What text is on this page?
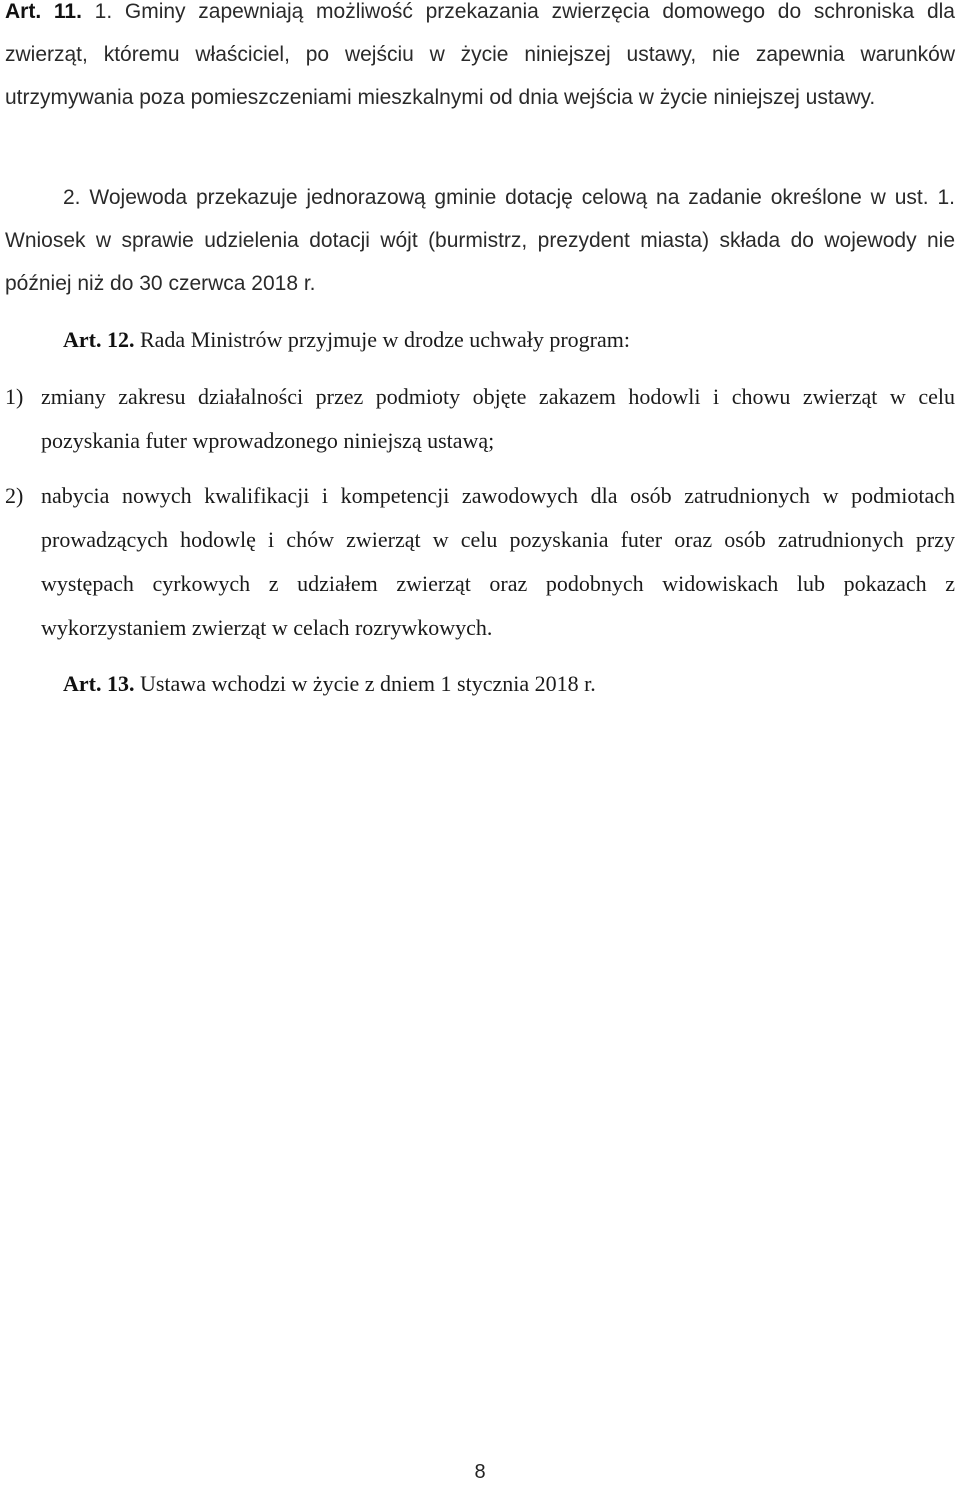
Art. 11. 1. Gminy zapewniają możliwość przekazania zwierzęcia domowego do schroniska dla zwierząt, któremu właściciel, po wejściu w życie niniejszej ustawy, nie zapewnia warunków utrzymywania poza pomieszczeniami mieszkalnymi od dnia wejścia w życie niniejszej ustawy.

2. Wojewoda przekazuje jednorazową gminie dotację celową na zadanie określone w ust. 1. Wniosek w sprawie udzielenia dotacji wójt (burmistrz, prezydent miasta) składa do wojewody nie później niż do 30 czerwca 2018 r.

Art. 12. Rada Ministrów przyjmuje w drodze uchwały program:

1) zmiany zakresu działalności przez podmioty objęte zakazem hodowli i chowu zwierząt w celu pozyskania futer wprowadzonego niniejszą ustawą;

2) nabycia nowych kwalifikacji i kompetencji zawodowych dla osób zatrudnionych w podmiotach prowadzących hodowlę i chów zwierząt w celu pozyskania futer oraz osób zatrudnionych przy występach cyrkowych z udziałem zwierząt oraz podobnych widowiskach lub pokazach z wykorzystaniem zwierząt w celach rozrywkowych.

Art. 13. Ustawa wchodzi w życie z dniem 1 stycznia 2018 r.

8
